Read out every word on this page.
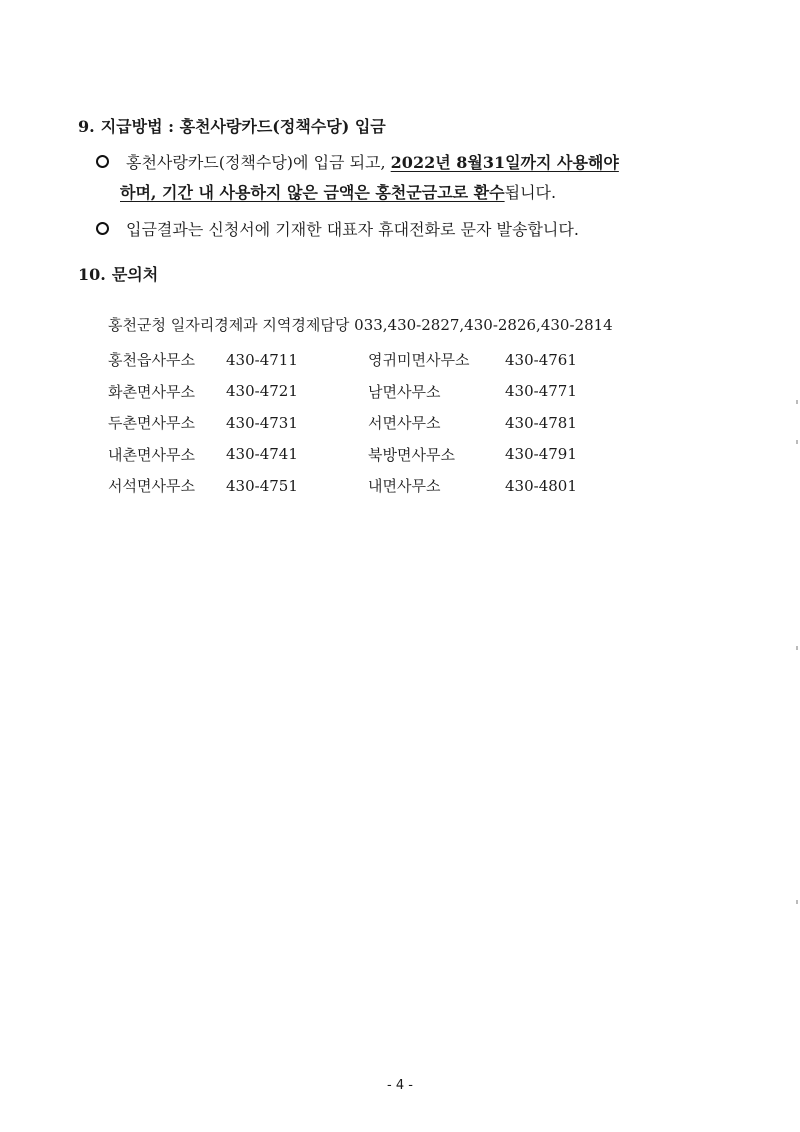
9. 지급방법 : 홍천사랑카드(정책수당) 입금
홍천사랑카드(정책수당)에 입금 되고, 2022년 8월31일까지 사용해야
하며, 기간 내 사용하지 않은 금액은 홍천군금고로 환수됩니다.
입금결과는 신청서에 기재한 대표자 휴대전화로 문자 발송합니다.
10. 문의처
홍천군청 일자리경제과 지역경제담당 033,430-2827,430-2826,430-2814
홍천읍사무소	430-4711	영귀미면사무소	430-4761
화촌면사무소	430-4721	남면사무소	430-4771
두촌면사무소	430-4731	서면사무소	430-4781
내촌면사무소	430-4741	북방면사무소	430-4791
서석면사무소	430-4751	내면사무소	430-4801
- 4 -
